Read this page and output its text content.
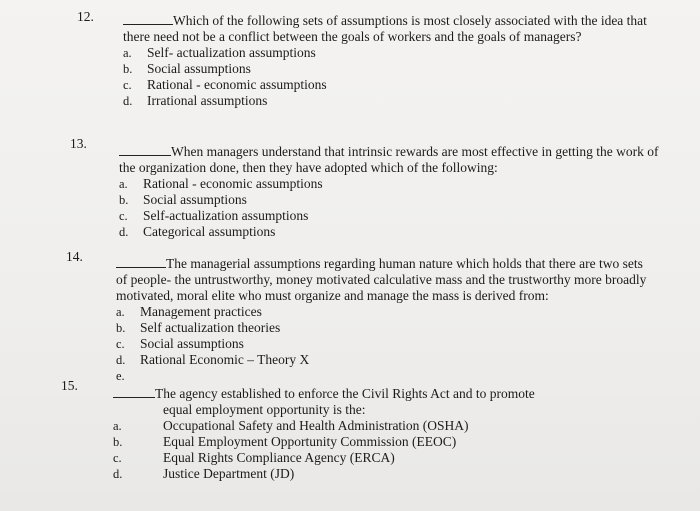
12.	Which of the following sets of assumptions is most closely associated with the idea that
there need not be a conflict between the goals of workers and the goals of managers?
a. Self- actualization assumptions
b. Social assumptions
c. Rational - economic assumptions
d. Irrational assumptions
13.
When managers understand that intrinsic rewards are most effective in getting the work of
the organization done, then they have adopted which of the following:
a. Rational - economic assumptions
b. Social assumptions
c. Self-actualization assumptions
d. Categorical assumptions
14.	The managerial assumptions regarding human nature which holds that there are two sets
of people- the untrustworthy, money motivated calculative mass and the trustworthy more broadly
motivated, moral elite who must organize and manage the mass is derived from:
a. Management practices
b. Self actualization theories
c. Social assumptions
d. Rational Economic – Theory X
e.
15.
The agency established to enforce the Civil Rights Act and to promote
equal employment opportunity is the:
a.	Occupational Safety and Health Administration (OSHA)
b.	Equal Employment Opportunity Commission (EEOC)
c.	Equal Rights Compliance Agency (ERCA)
d.	Justice Department (JD)
